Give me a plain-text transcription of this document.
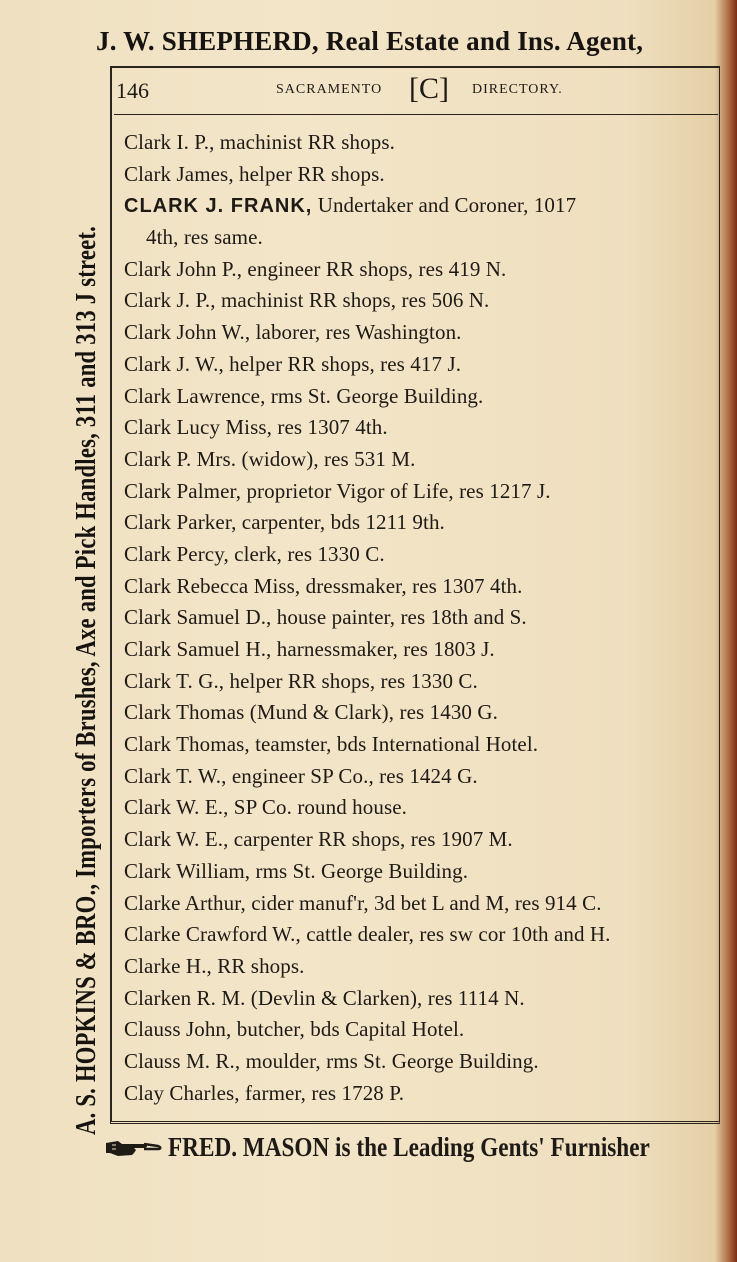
J. W. SHEPHERD, Real Estate and Ins. Agent,
A. S. HOPKINS & BRO., Importers of Brushes, Axe and Pick Handles, 311 and 313 J street.
146	SACRAMENTO [C] DIRECTORY.
Clark I. P., machinist RR shops.
Clark James, helper RR shops.
CLARK J. FRANK, Undertaker and Coroner, 1017
4th, res same.
Clark John P., engineer RR shops, res 419 N.
Clark J. P., machinist RR shops, res 506 N.
Clark John W., laborer, res Washington.
Clark J. W., helper RR shops, res 417 J.
Clark Lawrence, rms St. George Building.
Clark Lucy Miss, res 1307 4th.
Clark P. Mrs. (widow), res 531 M.
Clark Palmer, proprietor Vigor of Life, res 1217 J.
Clark Parker, carpenter, bds 1211 9th.
Clark Percy, clerk, res 1330 C.
Clark Rebecca Miss, dressmaker, res 1307 4th.
Clark Samuel D., house painter, res 18th and S.
Clark Samuel H., harnessmaker, res 1803 J.
Clark T. G., helper RR shops, res 1330 C.
Clark Thomas (Mund & Clark), res 1430 G.
Clark Thomas, teamster, bds International Hotel.
Clark T. W., engineer SP Co., res 1424 G.
Clark W. E., SP Co. round house.
Clark W. E., carpenter RR shops, res 1907 M.
Clark William, rms St. George Building.
Clarke Arthur, cider manuf'r, 3d bet L and M, res 914 C.
Clarke Crawford W., cattle dealer, res sw cor 10th and H.
Clarke H., RR shops.
Clarken R. M. (Devlin & Clarken), res 1114 N.
Clauss John, butcher, bds Capital Hotel.
Clauss M. R., moulder, rms St. George Building.
Clay Charles, farmer, res 1728 P.
FRED. MASON is the Leading Gents' Furnisher
